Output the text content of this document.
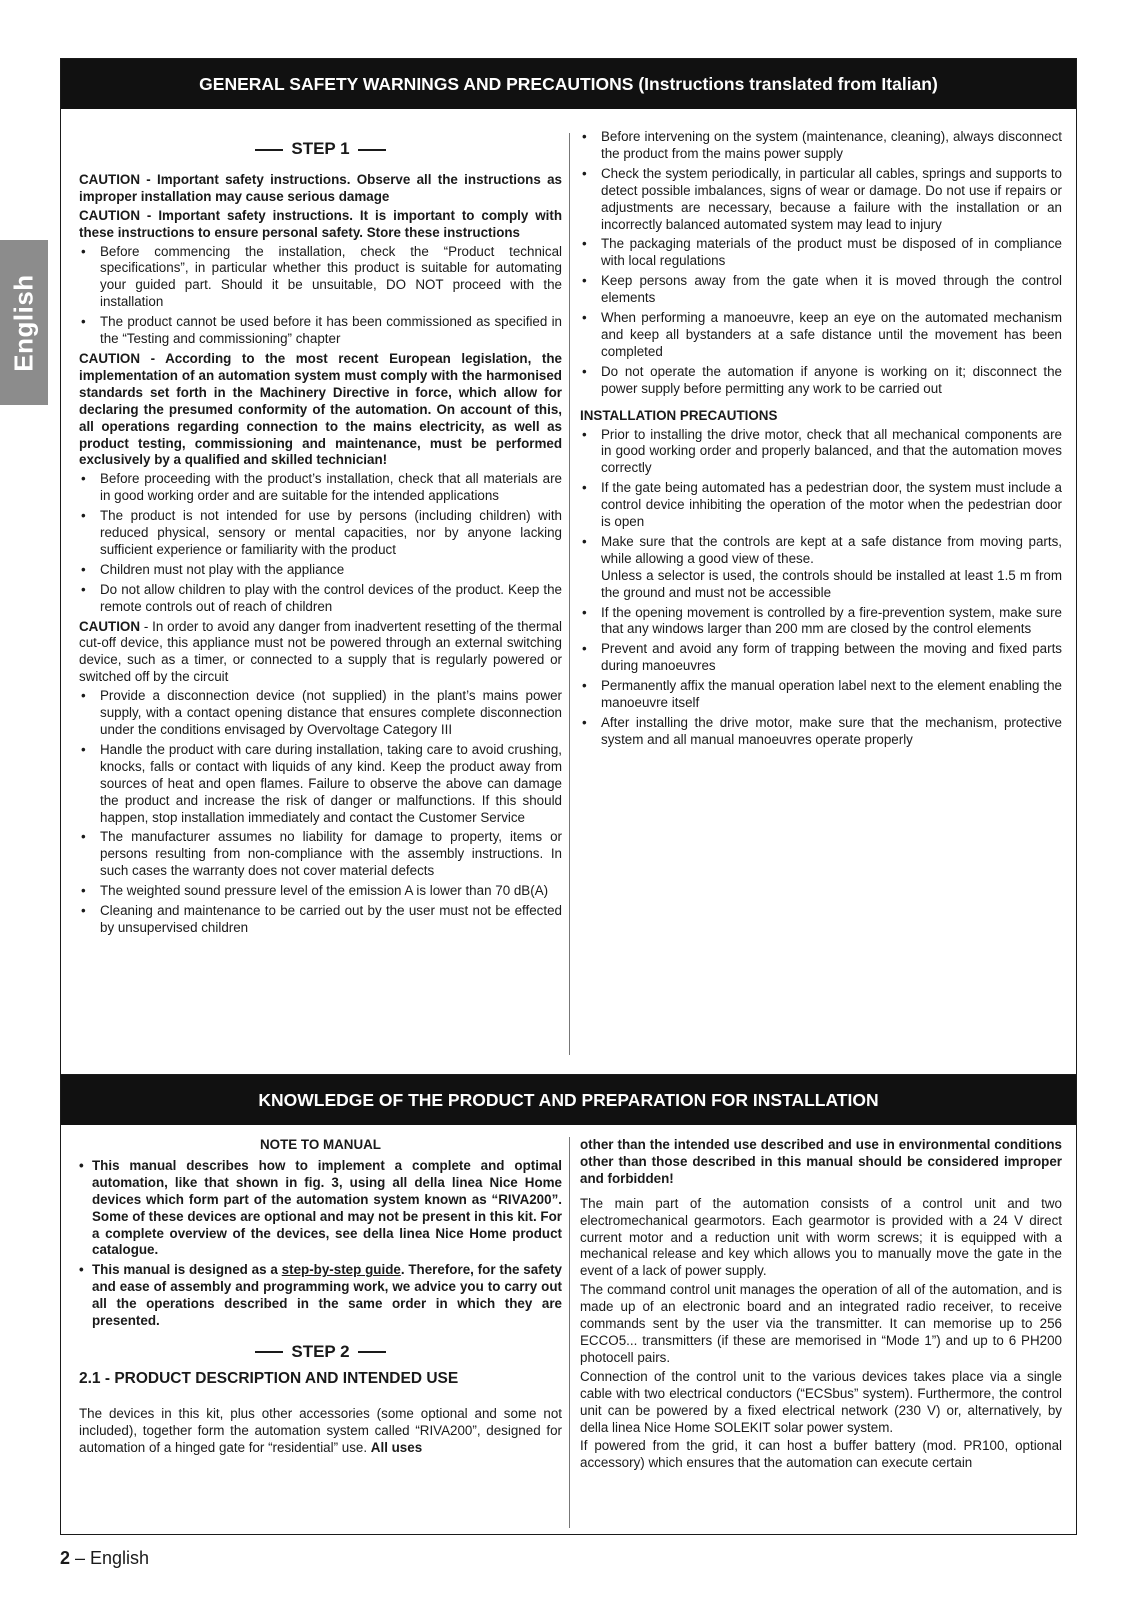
English
GENERAL SAFETY WARNINGS AND PRECAUTIONS (Instructions translated from Italian)
STEP 1

CAUTION - Important safety instructions. Observe all the instructions as improper installation may cause serious damage

CAUTION - Important safety instructions. It is important to comply with these instructions to ensure personal safety. Store these instructions

• Before commencing the installation, check the “Product technical specifications”, in particular whether this product is suitable for automating your guided part. Should it be unsuitable, DO NOT proceed with the installation
• The product cannot be used before it has been commissioned as specified in the “Testing and commissioning” chapter

CAUTION - According to the most recent European legislation, the implementation of an automation system must comply with the harmonised standards set forth in the Machinery Directive in force, which allow for declaring the presumed conformity of the automation. On account of this, all operations regarding connection to the mains electricity, as well as product testing, commissioning and maintenance, must be performed exclusively by a qualified and skilled technician!

• Before proceeding with the product’s installation, check that all materials are in good working order and are suitable for the intended applications
• The product is not intended for use by persons (including children) with reduced physical, sensory or mental capacities, nor by anyone lacking sufficient experience or familiarity with the product
• Children must not play with the appliance
• Do not allow children to play with the control devices of the product. Keep the remote controls out of reach of children

CAUTION - In order to avoid any danger from inadvertent resetting of the thermal cut-off device, this appliance must not be powered through an external switching device, such as a timer, or connected to a supply that is regularly powered or switched off by the circuit

• Provide a disconnection device (not supplied) in the plant’s mains power supply, with a contact opening distance that ensures complete disconnection under the conditions envisaged by Overvoltage Category III
• Handle the product with care during installation, taking care to avoid crushing, knocks, falls or contact with liquids of any kind. Keep the product away from sources of heat and open flames. Failure to observe the above can damage the product and increase the risk of danger or malfunctions. If this should happen, stop installation immediately and contact the Customer Service
• The manufacturer assumes no liability for damage to property, items or persons resulting from non-compliance with the assembly instructions. In such cases the warranty does not cover material defects
• The weighted sound pressure level of the emission A is lower than 70 dB(A)
• Cleaning and maintenance to be carried out by the user must not be effected by unsupervised children
• Before intervening on the system (maintenance, cleaning), always disconnect the product from the mains power supply
• Check the system periodically, in particular all cables, springs and supports to detect possible imbalances, signs of wear or damage. Do not use if repairs or adjustments are necessary, because a failure with the installation or an incorrectly balanced automated system may lead to injury
• The packaging materials of the product must be disposed of in compliance with local regulations
• Keep persons away from the gate when it is moved through the control elements
• When performing a manoeuvre, keep an eye on the automated mechanism and keep all bystanders at a safe distance until the movement has been completed
• Do not operate the automation if anyone is working on it; disconnect the power supply before permitting any work to be carried out
INSTALLATION PRECAUTIONS
• Prior to installing the drive motor, check that all mechanical components are in good working order and properly balanced, and that the automation moves correctly
• If the gate being automated has a pedestrian door, the system must include a control device inhibiting the operation of the motor when the pedestrian door is open
• Make sure that the controls are kept at a safe distance from moving parts, while allowing a good view of these.
Unless a selector is used, the controls should be installed at least 1.5 m from the ground and must not be accessible
• If the opening movement is controlled by a fire-prevention system, make sure that any windows larger than 200 mm are closed by the control elements
• Prevent and avoid any form of trapping between the moving and fixed parts during manoeuvres
• Permanently affix the manual operation label next to the element enabling the manoeuvre itself
• After installing the drive motor, make sure that the mechanism, protective system and all manual manoeuvres operate properly
KNOWLEDGE OF THE PRODUCT AND PREPARATION FOR INSTALLATION
NOTE TO MANUAL
• This manual describes how to implement a complete and optimal automation, like that shown in fig. 3, using all della linea Nice Home devices which form part of the automation system known as “RIVA200”. Some of these devices are optional and may not be present in this kit. For a complete overview of the devices, see della linea Nice Home product catalogue.
• This manual is designed as a step-by-step guide. Therefore, for the safety and ease of assembly and programming work, we advice you to carry out all the operations described in the same order in which they are presented.
STEP 2
2.1 - PRODUCT DESCRIPTION AND INTENDED USE

The devices in this kit, plus other accessories (some optional and some not included), together form the automation system called “RIVA200”, designed for automation of a hinged gate for “residential” use. All uses

other than the intended use described and use in environmental conditions other than those described in this manual should be considered improper and forbidden!

The main part of the automation consists of a control unit and two electromechanical gearmotors. Each gearmotor is provided with a 24 V direct current motor and a reduction unit with worm screws; it is equipped with a mechanical release and key which allows you to manually move the gate in the event of a lack of power supply.

The command control unit manages the operation of all of the automation, and is made up of an electronic board and an integrated radio receiver, to receive commands sent by the user via the transmitter. It can memorise up to 256 ECCO5... transmitters (if these are memorised in “Mode 1”) and up to 6 PH200 photocell pairs.

Connection of the control unit to the various devices takes place via a single cable with two electrical conductors (“ECSbus” system). Furthermore, the control unit can be powered by a fixed electrical network (230 V) or, alternatively, by della linea Nice Home SOLEKIT solar power system.

If powered from the grid, it can host a buffer battery (mod. PR100, optional accessory) which ensures that the automation can execute certain

2 – English
